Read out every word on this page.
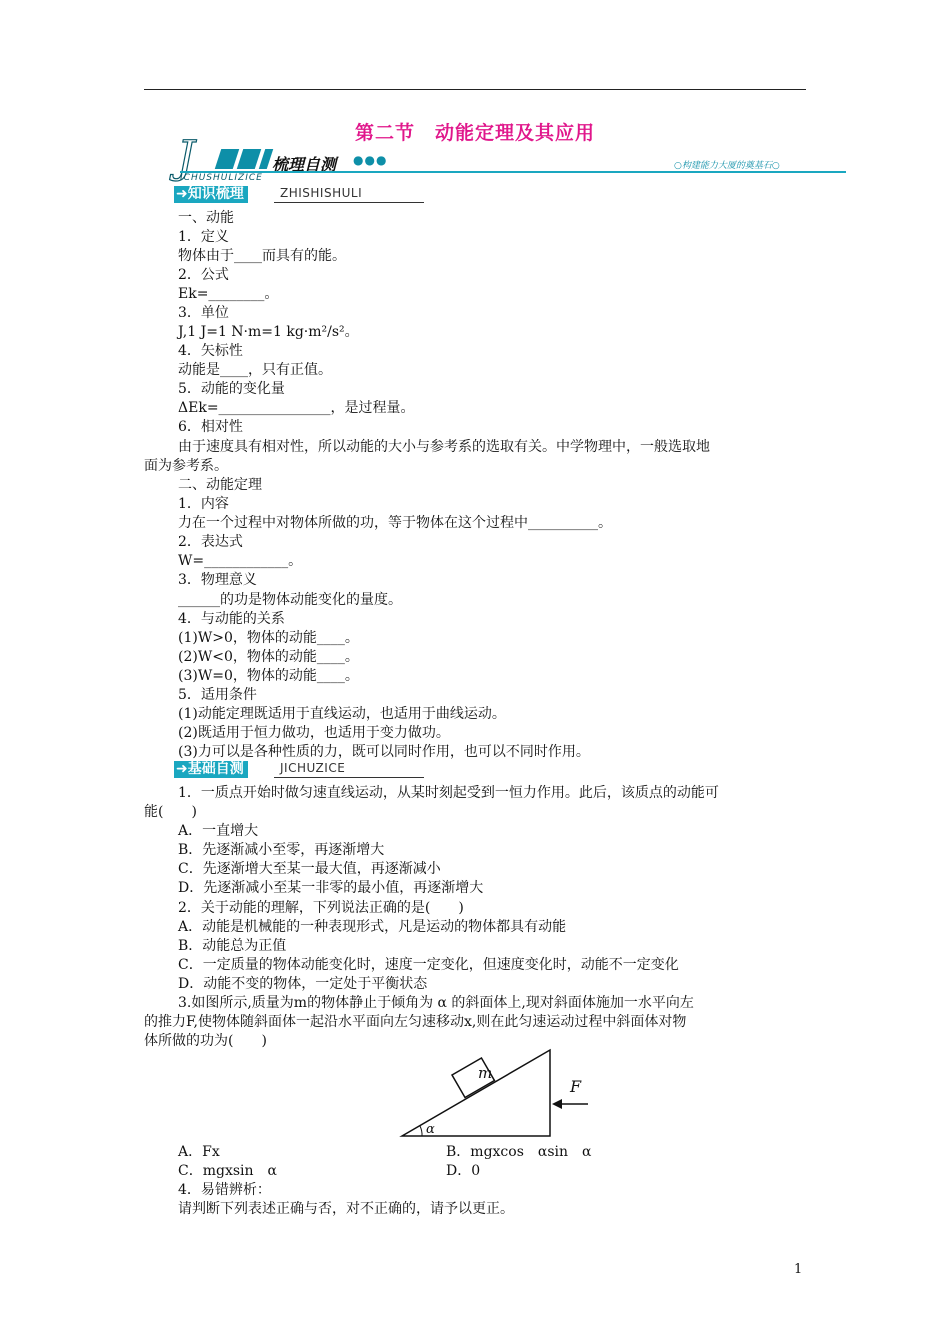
第二节　动能定理及其应用
J	梳理自测 ●●●	○构建能力大厦的奠基石○
ICHUSHULIZICE
➜知识梳理	ZHISHISHULI
一、动能
1．定义
物体由于____而具有的能。
2．公式
Ek=________。
3．单位
J,1 J=1 N·m=1 kg·m²/s²。
4．矢标性
动能是____，只有正值。
5．动能的变化量
ΔEk=________________，是过程量。
6．相对性
由于速度具有相对性，所以动能的大小与参考系的选取有关。中学物理中，一般选取地
面为参考系。
二、动能定理
1．内容
力在一个过程中对物体所做的功，等于物体在这个过程中__________。
2．表达式
W=____________。
3．物理意义
______的功是物体动能变化的量度。
4．与动能的关系
(1)W>0，物体的动能____。
(2)W<0，物体的动能____。
(3)W=0，物体的动能____。
5．适用条件
(1)动能定理既适用于直线运动，也适用于曲线运动。
(2)既适用于恒力做功，也适用于变力做功。
(3)力可以是各种性质的力，既可以同时作用，也可以不同时作用。
➜基础自测	JICHUZICE
1．一质点开始时做匀速直线运动，从某时刻起受到一恒力作用。此后，该质点的动能可
能(　　)
A．一直增大
B．先逐渐减小至零，再逐渐增大
C．先逐渐增大至某一最大值，再逐渐减小
D．先逐渐减小至某一非零的最小值，再逐渐增大
2．关于动能的理解，下列说法正确的是(　　)
A．动能是机械能的一种表现形式，凡是运动的物体都具有动能
B．动能总为正值
C．一定质量的物体动能变化时，速度一定变化，但速度变化时，动能不一定变化
D．动能不变的物体，一定处于平衡状态
3.如图所示,质量为m的物体静止于倾角为 α 的斜面体上,现对斜面体施加一水平向左
的推力F,使物体随斜面体一起沿水平面向左匀速移动x,则在此匀速运动过程中斜面体对物
体所做的功为(　　)
m
F
α
A．Fx	B．mgxcos　αsin　α
C．mgxsin　α	D．0
4．易错辨析：
请判断下列表述正确与否，对不正确的，请予以更正。
1
